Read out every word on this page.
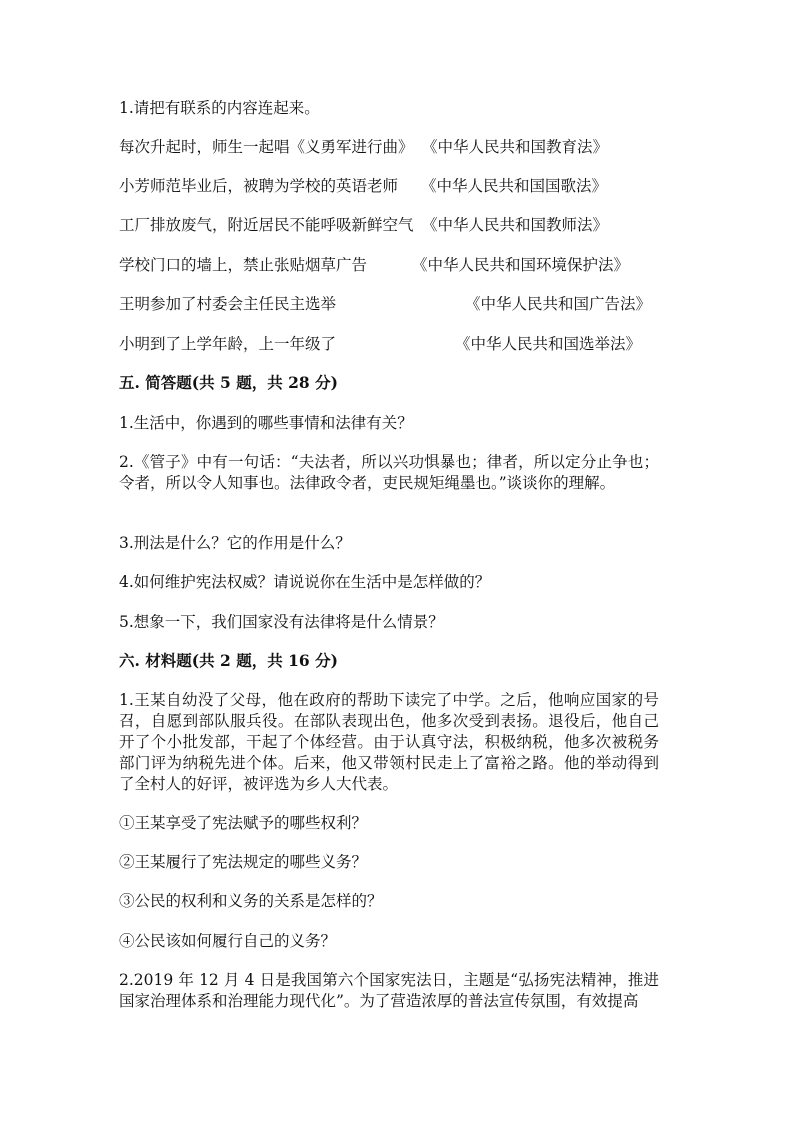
1.请把有联系的内容连起来。
每次升起时，师生一起唱《义勇军进行曲》 《中华人民共和国教育法》
小芳师范毕业后，被聘为学校的英语老师 《中华人民共和国国歌法》
工厂排放废气，附近居民不能呼吸新鲜空气 《中华人民共和国教师法》
学校门口的墙上，禁止张贴烟草广告	《中华人民共和国环境保护法》
王明参加了村委会主任民主选举	《中华人民共和国广告法》
小明到了上学年龄，上一年级了	《中华人民共和国选举法》
五. 简答题(共 5 题，共 28 分)
1.生活中，你遇到的哪些事情和法律有关？
2.《管子》中有一句话：“夫法者，所以兴功惧暴也；律者，所以定分止争也；令者，所以令人知事也。法律政令者，吏民规矩绳墨也。”谈谈你的理解。
3.刑法是什么？它的作用是什么？
4.如何维护宪法权威？请说说你在生活中是怎样做的？
5.想象一下，我们国家没有法律将是什么情景？
六. 材料题(共 2 题，共 16 分)
1.王某自幼没了父母，他在政府的帮助下读完了中学。之后，他响应国家的号召，自愿到部队服兵役。在部队表现出色，他多次受到表扬。退役后，他自己开了个小批发部，干起了个体经营。由于认真守法，积极纳税，他多次被税务部门评为纳税先进个体。后来，他又带领村民走上了富裕之路。他的举动得到了全村人的好评，被评选为乡人大代表。
①王某享受了宪法赋予的哪些权利？
②王某履行了宪法规定的哪些义务？
③公民的权利和义务的关系是怎样的？
④公民该如何履行自己的义务？
2.2019 年 12 月 4 日是我国第六个国家宪法日，主题是“弘扬宪法精神，推进国家治理体系和治理能力现代化”。为了营造浓厚的普法宣传氛围，有效提高
